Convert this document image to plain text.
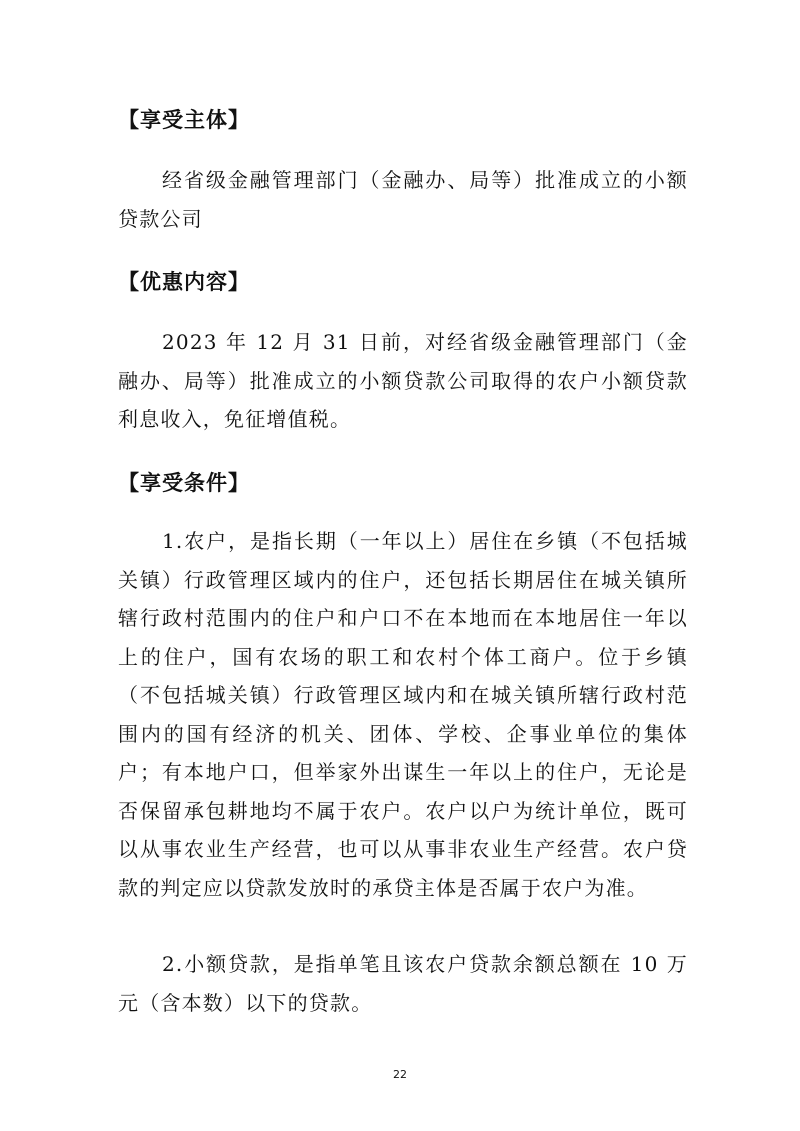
【享受主体】

经省级金融管理部门（金融办、局等）批准成立的小额贷款公司

【优惠内容】

2023 年 12 月 31 日前，对经省级金融管理部门（金融办、局等）批准成立的小额贷款公司取得的农户小额贷款利息收入，免征增值税。

【享受条件】

1.农户，是指长期（一年以上）居住在乡镇（不包括城关镇）行政管理区域内的住户，还包括长期居住在城关镇所辖行政村范围内的住户和户口不在本地而在本地居住一年以上的住户，国有农场的职工和农村个体工商户。位于乡镇（不包括城关镇）行政管理区域内和在城关镇所辖行政村范围内的国有经济的机关、团体、学校、企事业单位的集体户；有本地户口，但举家外出谋生一年以上的住户，无论是否保留承包耕地均不属于农户。农户以户为统计单位，既可以从事农业生产经营，也可以从事非农业生产经营。农户贷款的判定应以贷款发放时的承贷主体是否属于农户为准。

2.小额贷款，是指单笔且该农户贷款余额总额在 10 万元（含本数）以下的贷款。

22
